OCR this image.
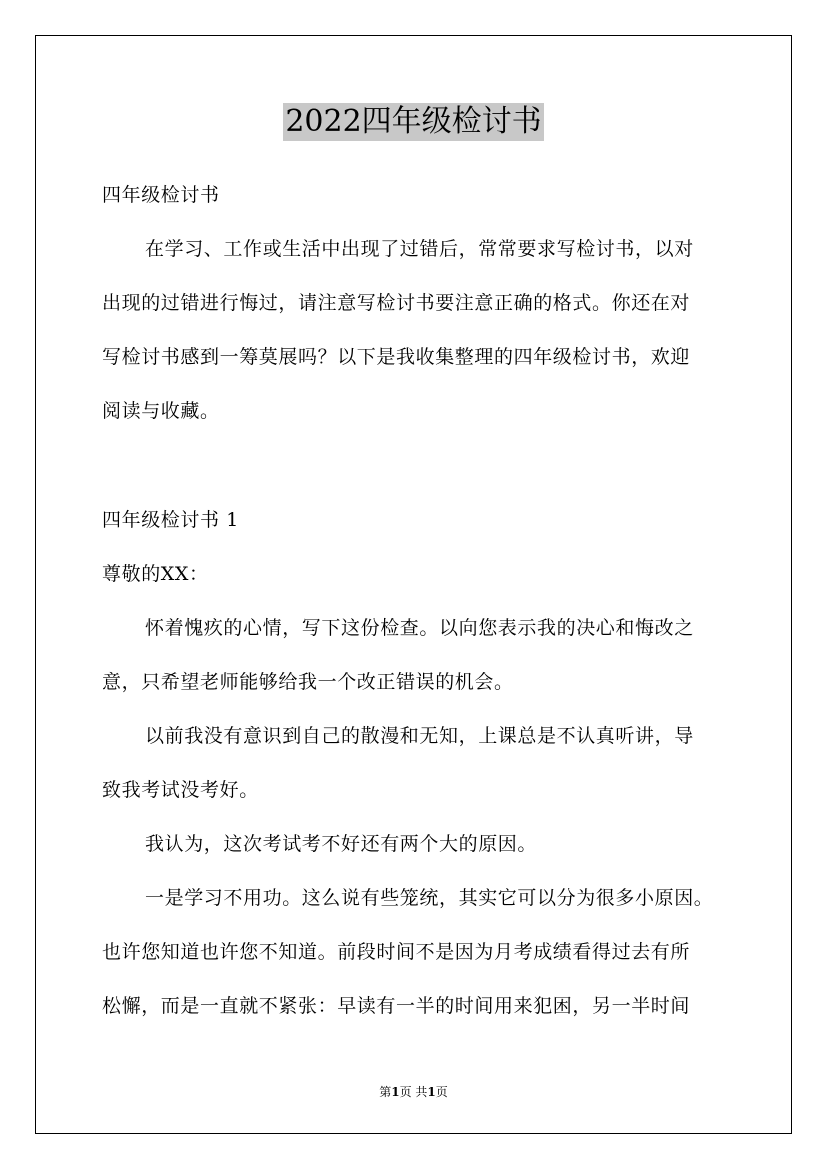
2022四年级检讨书
四年级检讨书
在学习、工作或生活中出现了过错后，常常要求写检讨书，以对
出现的过错进行悔过，请注意写检讨书要注意正确的格式。你还在对
写检讨书感到一筹莫展吗？以下是我收集整理的四年级检讨书，欢迎
阅读与收藏。
四年级检讨书 1
尊敬的XX：
怀着愧疚的心情，写下这份检查。以向您表示我的决心和悔改之
意，只希望老师能够给我一个改正错误的机会。
以前我没有意识到自己的散漫和无知，上课总是不认真听讲，导
致我考试没考好。
我认为，这次考试考不好还有两个大的原因。
一是学习不用功。这么说有些笼统，其实它可以分为很多小原因。
也许您知道也许您不知道。前段时间不是因为月考成绩看得过去有所
松懈，而是一直就不紧张：早读有一半的时间用来犯困，另一半时间
第1页 共1页
